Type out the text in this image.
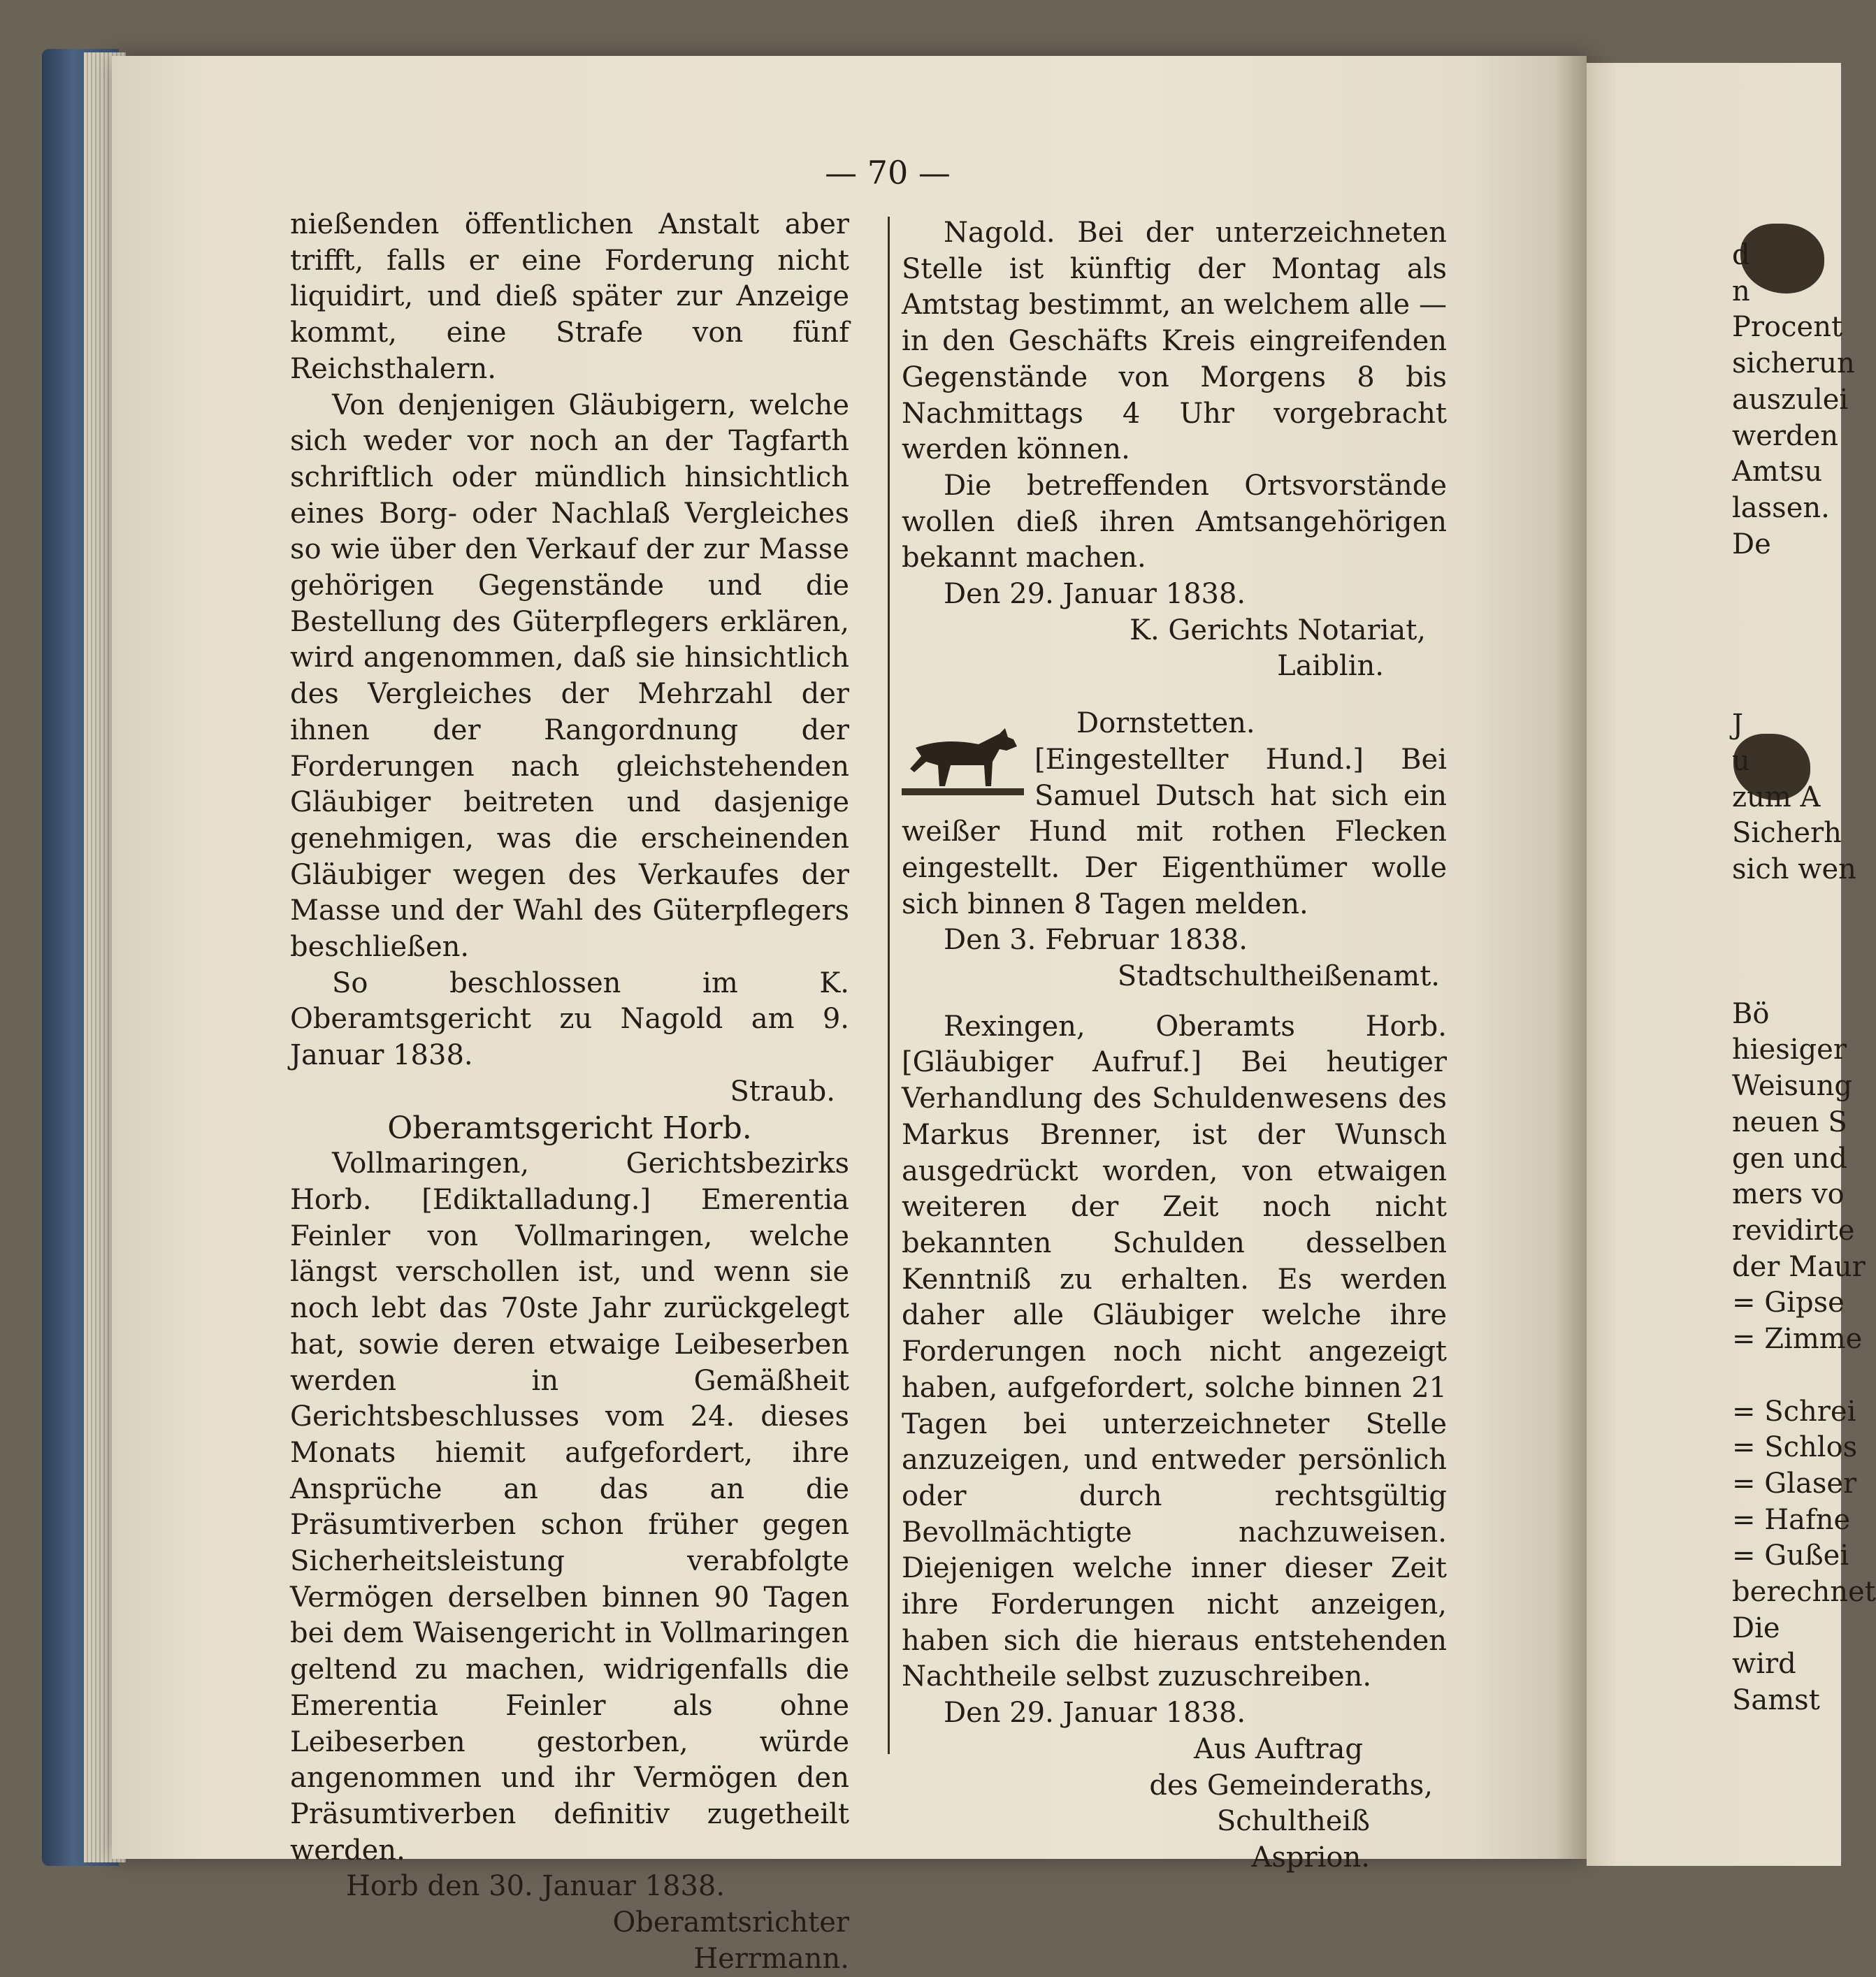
— 70 —

nießenden öffentlichen Anstalt aber trifft, falls er eine Forderung nicht liquidirt, und dieß später zur Anzeige kommt, eine Strafe von fünf Reichsthalern.

Von denjenigen Gläubigern, welche sich weder vor noch an der Tagfarth schriftlich oder mündlich hinsichtlich eines Borg- oder Nachlaß Vergleiches so wie über den Verkauf der zur Masse gehörigen Gegenstände und die Bestellung des Güterpflegers erklären, wird angenommen, daß sie hinsichtlich des Vergleiches der Mehrzahl der ihnen der Rangordnung der Forderungen nach gleichstehenden Gläubiger beitreten und dasjenige genehmigen, was die erscheinenden Gläubiger wegen des Verkaufes der Masse und der Wahl des Güterpflegers beschließen.

So beschlossen im K. Oberamtsgericht zu Nagold am 9. Januar 1838.

Straub.

Oberamtsgericht Horb.

Vollmaringen, Gerichtsbezirks Horb. [Ediktalladung.] Emerentia Feinler von Vollmaringen, welche längst verschollen ist, und wenn sie noch lebt das 70ste Jahr zurückgelegt hat, sowie deren etwaige Leibeserben werden in Gemäßheit Gerichtsbeschlusses vom 24. dieses Monats hiemit aufgefordert, ihre Ansprüche an das an die Präsumtiverben schon früher gegen Sicherheitsleistung verabfolgte Vermögen derselben binnen 90 Tagen bei dem Waisengericht in Vollmaringen geltend zu machen, widrigenfalls die Emerentia Feinler als ohne Leibeserben gestorben, würde angenommen und ihr Vermögen den Präsumtiverben definitiv zugetheilt werden.

Horb den 30. Januar 1838.

Oberamtsrichter

Herrmann.

Nagold. Bei der unterzeichneten Stelle ist künftig der Montag als Amtstag bestimmt, an welchem alle — in den Geschäfts Kreis eingreifenden Gegenstände von Morgens 8 bis Nachmittags 4 Uhr vorgebracht werden können.

Die betreffenden Ortsvorstände wollen dieß ihren Amtsangehörigen bekannt machen.

Den 29. Januar 1838.

K. Gerichts Notariat,

Laiblin.

Dornstetten. [Eingestellter Hund.] Bei Samuel Dutsch hat sich ein weißer Hund mit rothen Flecken eingestellt. Der Eigenthümer wolle sich binnen 8 Tagen melden.

Den 3. Februar 1838.

Stadtschultheißenamt.

Rexingen, Oberamts Horb. [Gläubiger Aufruf.] Bei heutiger Verhandlung des Schuldenwesens des Markus Brenner, ist der Wunsch ausgedrückt worden, von etwaigen weiteren der Zeit noch nicht bekannten Schulden desselben Kenntniß zu erhalten. Es werden daher alle Gläubiger welche ihre Forderungen noch nicht angezeigt haben, aufgefordert, solche binnen 21 Tagen bei unterzeichneter Stelle anzuzeigen, und entweder persönlich oder durch rechtsgültig Bevollmächtigte nachzuweisen. Diejenigen welche inner dieser Zeit ihre Forderungen nicht anzeigen, haben sich die hieraus entstehenden Nachtheile selbst zuzuschreiben.

Den 29. Januar 1838.

Aus Auftrag

des Gemeinderaths,

Schultheiß

Asprion.

d
n
Procent
sicherun
auszulei
werden
Amtsu
lassen.
De

J
u
zum A
Sicherh
sich wen

Bö
hiesiger
Weisung
neuen S
gen und
mers vo
revidirte
der Maur
= Gipse
= Zimme

= Schrei
= Schlos
= Glaser
= Hafne
= Gußei
berechnet
Die
wird
Samst
